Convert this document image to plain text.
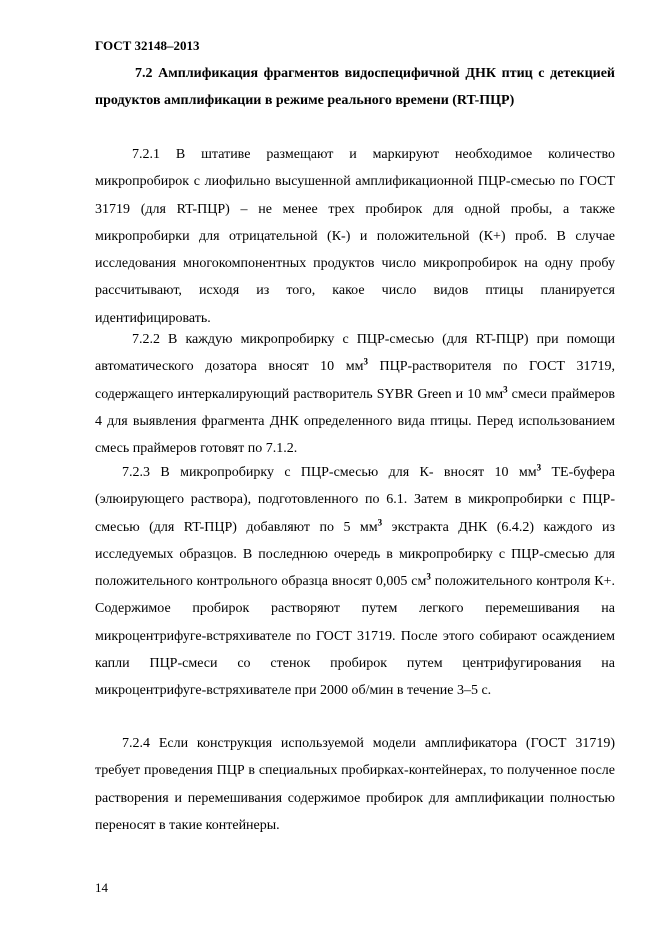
ГОСТ 32148–2013
7.2 Амплификация фрагментов видоспецифичной ДНК птиц с детекцией продуктов амплификации в режиме реального времени (RT-ПЦР)

7.2.1 В штативе размещают и маркируют необходимое количество микропробирок с лиофильно высушенной амплификационной ПЦР-смесью по ГОСТ 31719 (для RT-ПЦР) – не менее трех пробирок для одной пробы, а также микропробирки для отрицательной (К-) и положительной (К+) проб. В случае исследования многокомпонентных продуктов число микропробирок на одну пробу рассчитывают, исходя из того, какое число видов птицы планируется идентифицировать.

7.2.2 В каждую микропробирку с ПЦР-смесью (для RT-ПЦР) при помощи автоматического дозатора вносят 10 $мм^3$ ПЦР-растворителя по ГОСТ 31719, содержащего интеркалирующий растворитель SYBR Green и 10 $мм^3$ смеси праймеров 4 для выявления фрагмента ДНК определенного вида птицы. Перед использованием смесь праймеров готовят по 7.1.2.

7.2.3 В микропробирку с ПЦР-смесью для К- вносят 10 $мм^3$ ТЕ-буфера (элюирующего раствора), подготовленного по 6.1. Затем в микропробирки с ПЦР-смесью (для RT-ПЦР) добавляют по 5 $мм^3$ экстракта ДНК (6.4.2) каждого из исследуемых образцов. В последнюю очередь в микропробирку с ПЦР-смесью для положительного контрольного образца вносят 0,005 $см^3$ положительного контроля К+. Содержимое пробирок растворяют путем легкого перемешивания на микроцентрифуге-встряхивателе по ГОСТ 31719. После этого собирают осаждением капли ПЦР-смеси со стенок пробирок путем центрифугирования на микроцентрифуге-встряхивателе при 2000 об/мин в течение 3–5 с.

7.2.4 Если конструкция используемой модели амплификатора (ГОСТ 31719) требует проведения ПЦР в специальных пробирках-контейнерах, то полученное после растворения и перемешивания содержимое пробирок для амплификации полностью переносят в такие контейнеры.

14
